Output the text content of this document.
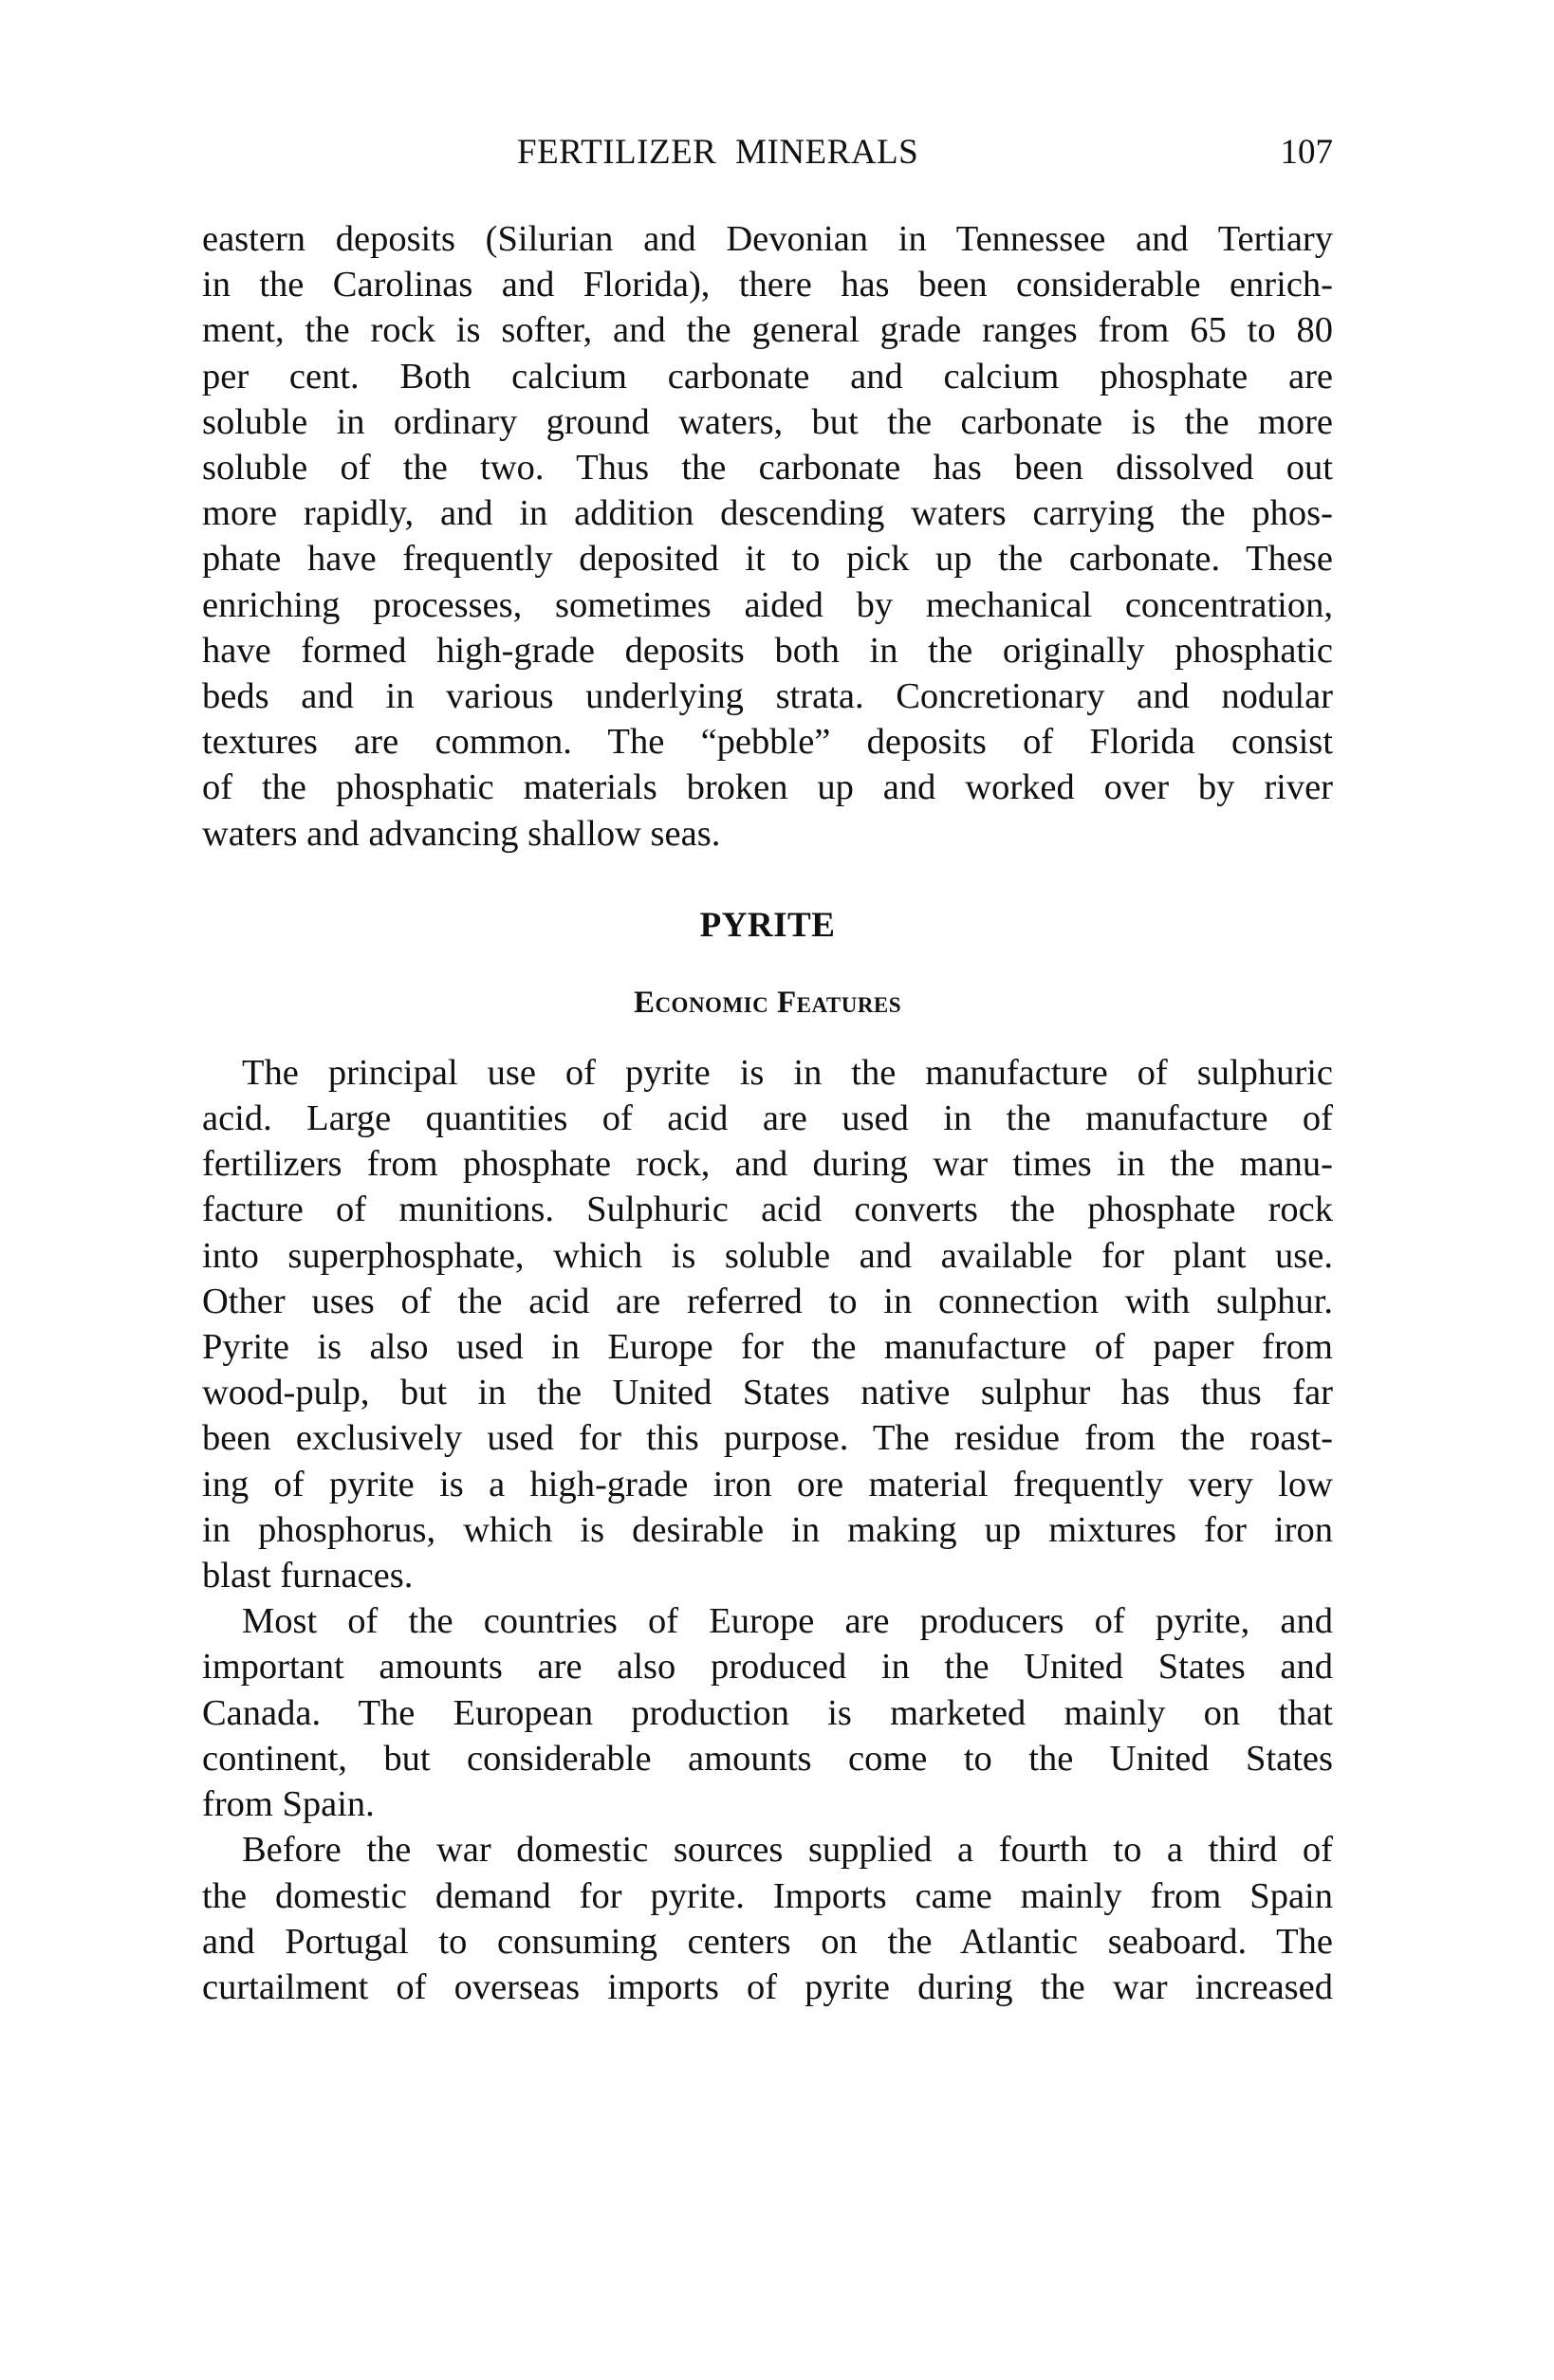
FERTILIZER MINERALS	107

eastern deposits (Silurian and Devonian in Tennessee and Tertiary
in the Carolinas and Florida), there has been considerable enrich-
ment, the rock is softer, and the general grade ranges from 65 to 80
per cent. Both calcium carbonate and calcium phosphate are
soluble in ordinary ground waters, but the carbonate is the more
soluble of the two. Thus the carbonate has been dissolved out
more rapidly, and in addition descending waters carrying the phos-
phate have frequently deposited it to pick up the carbonate. These
enriching processes, sometimes aided by mechanical concentration,
have formed high-grade deposits both in the originally phosphatic
beds and in various underlying strata. Concretionary and nodular
textures are common. The “pebble” deposits of Florida consist
of the phosphatic materials broken up and worked over by river
waters and advancing shallow seas.

PYRITE
Economic Features

The principal use of pyrite is in the manufacture of sulphuric
acid. Large quantities of acid are used in the manufacture of
fertilizers from phosphate rock, and during war times in the manu-
facture of munitions. Sulphuric acid converts the phosphate rock
into superphosphate, which is soluble and available for plant use.
Other uses of the acid are referred to in connection with sulphur.
Pyrite is also used in Europe for the manufacture of paper from
wood-pulp, but in the United States native sulphur has thus far
been exclusively used for this purpose. The residue from the roast-
ing of pyrite is a high-grade iron ore material frequently very low
in phosphorus, which is desirable in making up mixtures for iron
blast furnaces.

Most of the countries of Europe are producers of pyrite, and
important amounts are also produced in the United States and
Canada. The European production is marketed mainly on that
continent, but considerable amounts come to the United States
from Spain.

Before the war domestic sources supplied a fourth to a third of
the domestic demand for pyrite. Imports came mainly from Spain
and Portugal to consuming centers on the Atlantic seaboard. The
curtailment of overseas imports of pyrite during the war increased
